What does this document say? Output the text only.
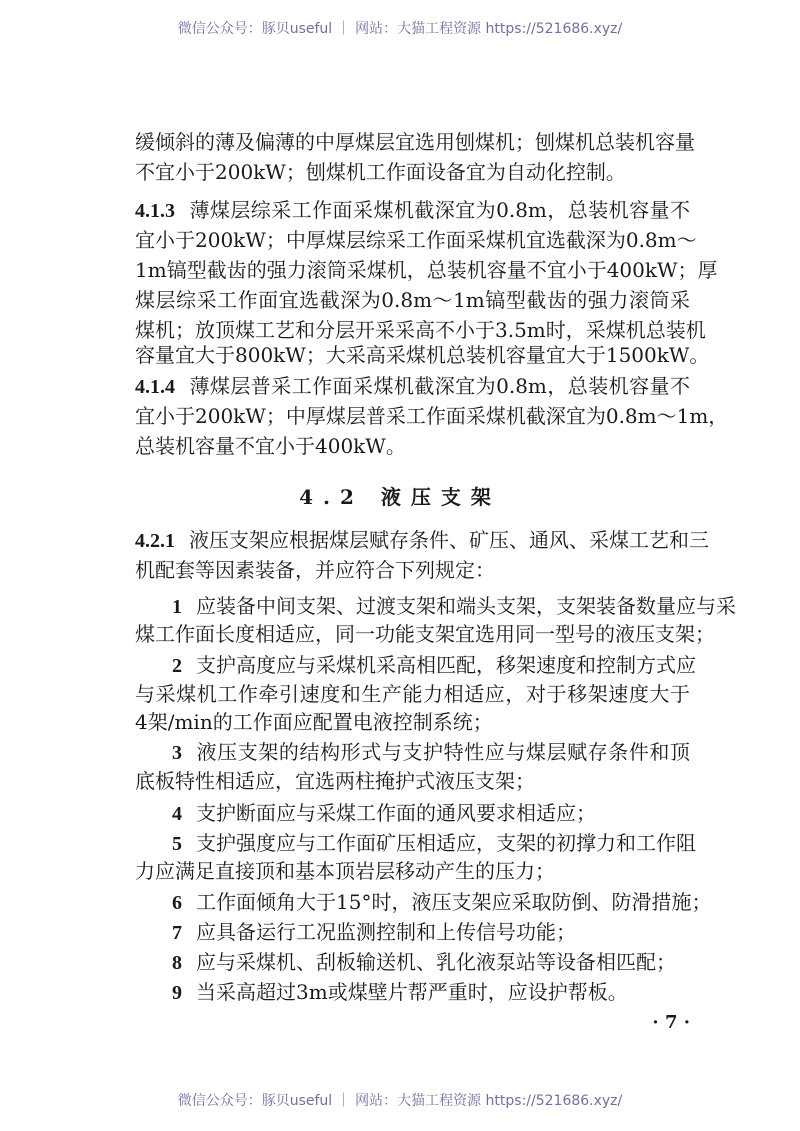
微信公众号：豚贝useful ｜ 网站：大猫工程资源 https://521686.xyz/
缓倾斜的薄及偏薄的中厚煤层宜选用刨煤机；刨煤机总装机容量
不宜小于200kW；刨煤机工作面设备宜为自动化控制。
4.1.3 薄煤层综采工作面采煤机截深宜为0.8m，总装机容量不
宜小于200kW；中厚煤层综采工作面采煤机宜选截深为0.8m～
1m镐型截齿的强力滚筒采煤机，总装机容量不宜小于400kW；厚
煤层综采工作面宜选截深为0.8m～1m镐型截齿的强力滚筒采
煤机；放顶煤工艺和分层开采采高不小于3.5m时，采煤机总装机
容量宜大于800kW；大采高采煤机总装机容量宜大于1500kW。
4.1.4 薄煤层普采工作面采煤机截深宜为0.8m，总装机容量不
宜小于200kW；中厚煤层普采工作面采煤机截深宜为0.8m～1m，
总装机容量不宜小于400kW。
4.2.1 液压支架应根据煤层赋存条件、矿压、通风、采煤工艺和三
机配套等因素装备，并应符合下列规定：
1 应装备中间支架、过渡支架和端头支架，支架装备数量应与采
煤工作面长度相适应，同一功能支架宜选用同一型号的液压支架；
2 支护高度应与采煤机采高相匹配，移架速度和控制方式应
与采煤机工作牵引速度和生产能力相适应，对于移架速度大于
4架/min的工作面应配置电液控制系统；
3 液压支架的结构形式与支护特性应与煤层赋存条件和顶
底板特性相适应，宜选两柱掩护式液压支架；
4 支护断面应与采煤工作面的通风要求相适应；
5 支护强度应与工作面矿压相适应，支架的初撑力和工作阻
力应满足直接顶和基本顶岩层移动产生的压力；
6 工作面倾角大于15°时，液压支架应采取防倒、防滑措施；
7 应具备运行工况监测控制和上传信号功能；
8 应与采煤机、刮板输送机、乳化液泵站等设备相匹配；
9 当采高超过3m或煤壁片帮严重时，应设护帮板。
4.2 液压支架
· 7 ·
微信公众号：豚贝useful ｜ 网站：大猫工程资源 https://521686.xyz/
